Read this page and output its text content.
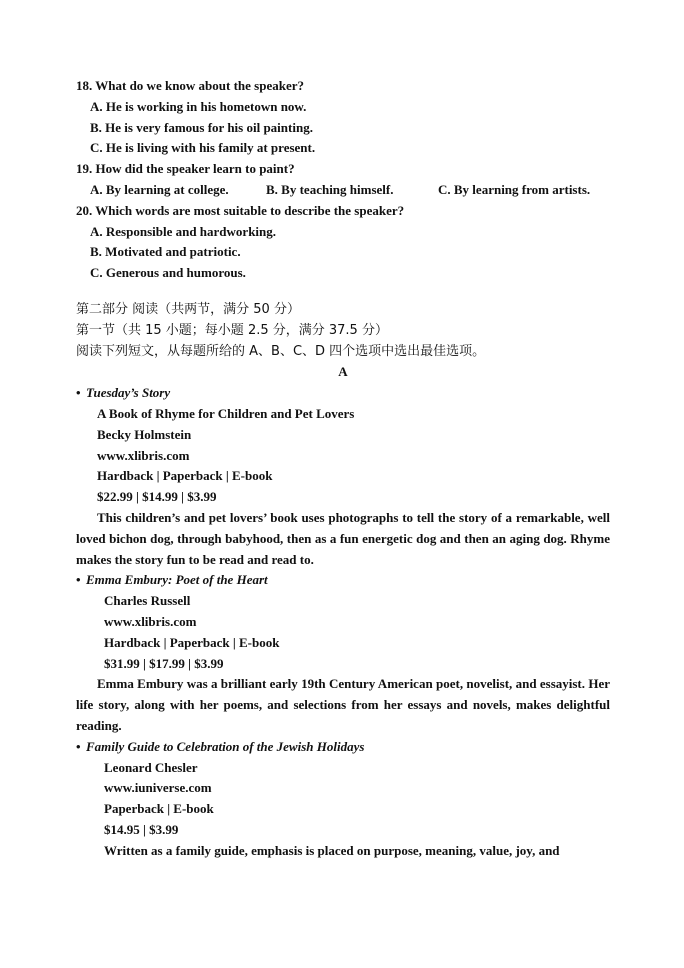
18. What do we know about the speaker?
A. He is working in his hometown now.
B. He is very famous for his oil painting.
C. He is living with his family at present.
19. How did the speaker learn to paint?
A. By learning at college.	B. By teaching himself.	C. By learning from artists.
20. Which words are most suitable to describe the speaker?
A. Responsible and hardworking.
B. Motivated and patriotic.
C. Generous and humorous.
第二部分 阅读（共两节，满分 50 分）
第一节（共 15 小题；每小题 2.5 分，满分 37.5 分）
阅读下列短文，从每题所给的 A、B、C、D 四个选项中选出最佳选项。
A
• Tuesday’s Story
A Book of Rhyme for Children and Pet Lovers
Becky Holmstein
www.xlibris.com
Hardback | Paperback | E-book
$22.99 | $14.99 | $3.99
This children’s and pet lovers’ book uses photographs to tell the story of a remarkable, well loved bichon dog, through babyhood, then as a fun energetic dog and then an aging dog. Rhyme makes the story fun to be read and read to.
• Emma Embury: Poet of the Heart
Charles Russell
www.xlibris.com
Hardback | Paperback | E-book
$31.99 | $17.99 | $3.99
Emma Embury was a brilliant early 19th Century American poet, novelist, and essayist. Her life story, along with her poems, and selections from her essays and novels, makes delightful reading.
• Family Guide to Celebration of the Jewish Holidays
Leonard Chesler
www.iuniverse.com
Paperback | E-book
$14.95 | $3.99
Written as a family guide, emphasis is placed on purpose, meaning, value, joy, and
